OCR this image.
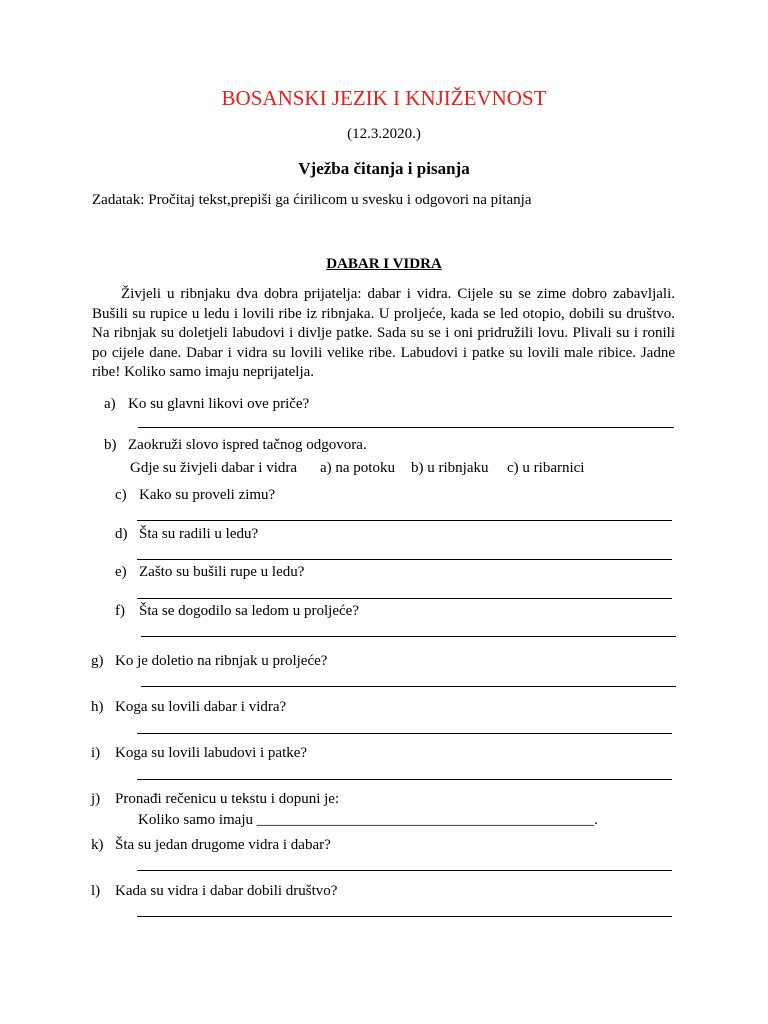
BOSANSKI JEZIK I KNJIŽEVNOST
(12.3.2020.)
Vježba čitanja i pisanja
Zadatak: Pročitaj tekst,prepiši ga ćirilicom u svesku i odgovori na pitanja
DABAR I VIDRA

Živjeli u ribnjaku dva dobra prijatelja: dabar i vidra. Cijele su se zime dobro zabavljali. Bušili su rupice u ledu i lovili ribe iz ribnjaka. U proljeće, kada se led otopio, dobili su društvo. Na ribnjak su doletjeli labudovi i divlje patke. Sada su se i oni pridružili lovu. Plivali su i ronili po cijele dane. Dabar i vidra su lovili velike ribe. Labudovi i patke su lovili male ribice. Jadne ribe! Koliko samo imaju neprijatelja.

a) Ko su glavni likovi ove priče?
b) Zaokruži slovo ispred tačnog odgovora.
Gdje su živjeli dabar i vidra a) na potoku b) u ribnjaku c) u ribarnici
c) Kako su proveli zimu?
d) Šta su radili u ledu?
e) Zašto su bušili rupe u ledu?
f) Šta se dogodilo sa ledom u proljeće?
g) Ko je doletio na ribnjak u proljeće?
h) Koga su lovili dabar i vidra?
i) Koga su lovili labudovi i patke?
j) Pronađi rečenicu u tekstu i dopuni je:
Koliko samo imaju _____________________________________________.
k) Šta su jedan drugome vidra i dabar?
l) Kada su vidra i dabar dobili društvo?
